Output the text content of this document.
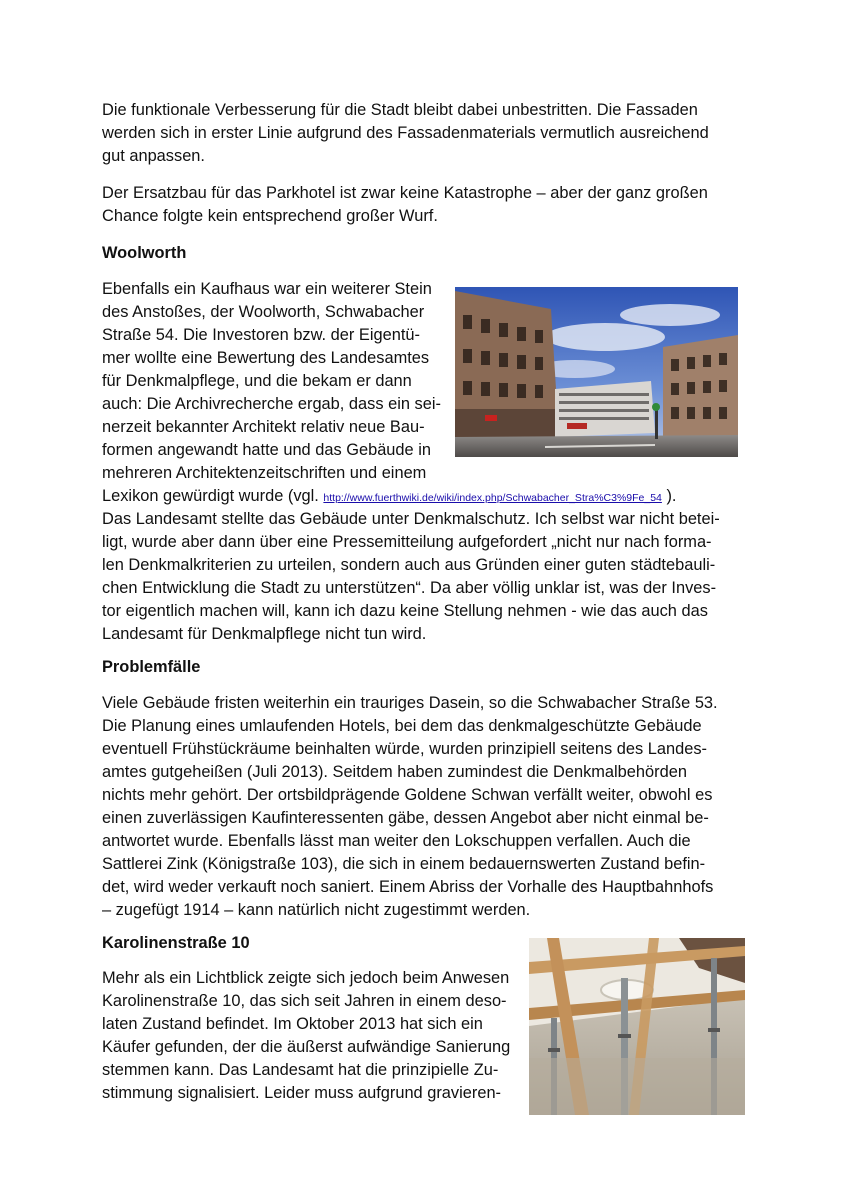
Die funktionale Verbesserung für die Stadt bleibt dabei unbestritten. Die Fassaden
werden sich in erster Linie aufgrund des Fassadenmaterials vermutlich ausreichend
gut anpassen.
Der Ersatzbau für das Parkhotel ist zwar keine Katastrophe – aber der ganz großen
Chance folgte kein entsprechend großer Wurf.
Woolworth
Ebenfalls ein Kaufhaus war ein weiterer Stein
des Anstoßes, der Woolworth, Schwabacher
Straße 54. Die Investoren bzw. der Eigentü-
mer wollte eine Bewertung des Landesamtes
für Denkmalpflege, und die bekam er dann
auch: Die Archivrecherche ergab, dass ein sei-
nerzeit bekannter Architekt relativ neue Bau-
formen angewandt hatte und das Gebäude in
mehreren Architektenzeitschriften und einem
Lexikon gewürdigt wurde (vgl. http://www.fuerthwiki.de/wiki/index.php/Schwabacher_Stra%C3%9Fe_54 ).
Das Landesamt stellte das Gebäude unter Denkmalschutz. Ich selbst war nicht betei-
ligt, wurde aber dann über eine Pressemitteilung aufgefordert „nicht nur nach forma-
len Denkmalkriterien zu urteilen, sondern auch aus Gründen einer guten städtebauli-
chen Entwicklung die Stadt zu unterstützen“. Da aber völlig unklar ist, was der Inves-
tor eigentlich machen will, kann ich dazu keine Stellung nehmen - wie das auch das
Landesamt für Denkmalpflege nicht tun wird.
Problemfälle
Viele Gebäude fristen weiterhin ein trauriges Dasein, so die Schwabacher Straße 53.
Die Planung eines umlaufenden Hotels, bei dem das denkmalgeschützte Gebäude
eventuell Frühstückräume beinhalten würde, wurden prinzipiell seitens des Landes-
amtes gutgeheißen (Juli 2013). Seitdem haben zumindest die Denkmalbehörden
nichts mehr gehört. Der ortsbildprägende Goldene Schwan verfällt weiter, obwohl es
einen zuverlässigen Kaufinteressenten gäbe, dessen Angebot aber nicht einmal be-
antwortet wurde. Ebenfalls lässt man weiter den Lokschuppen verfallen. Auch die
Sattlerei Zink (Königstraße 103), die sich in einem bedauernswerten Zustand befin-
det, wird weder verkauft noch saniert. Einem Abriss der Vorhalle des Hauptbahnhofs
– zugefügt 1914 – kann natürlich nicht zugestimmt werden.
Karolinenstraße 10
Mehr als ein Lichtblick zeigte sich jedoch beim Anwesen
Karolinenstraße 10, das sich seit Jahren in einem deso-
laten Zustand befindet. Im Oktober 2013 hat sich ein
Käufer gefunden, der die äußerst aufwändige Sanierung
stemmen kann. Das Landesamt hat die prinzipielle Zu-
stimmung signalisiert. Leider muss aufgrund gravieren-
